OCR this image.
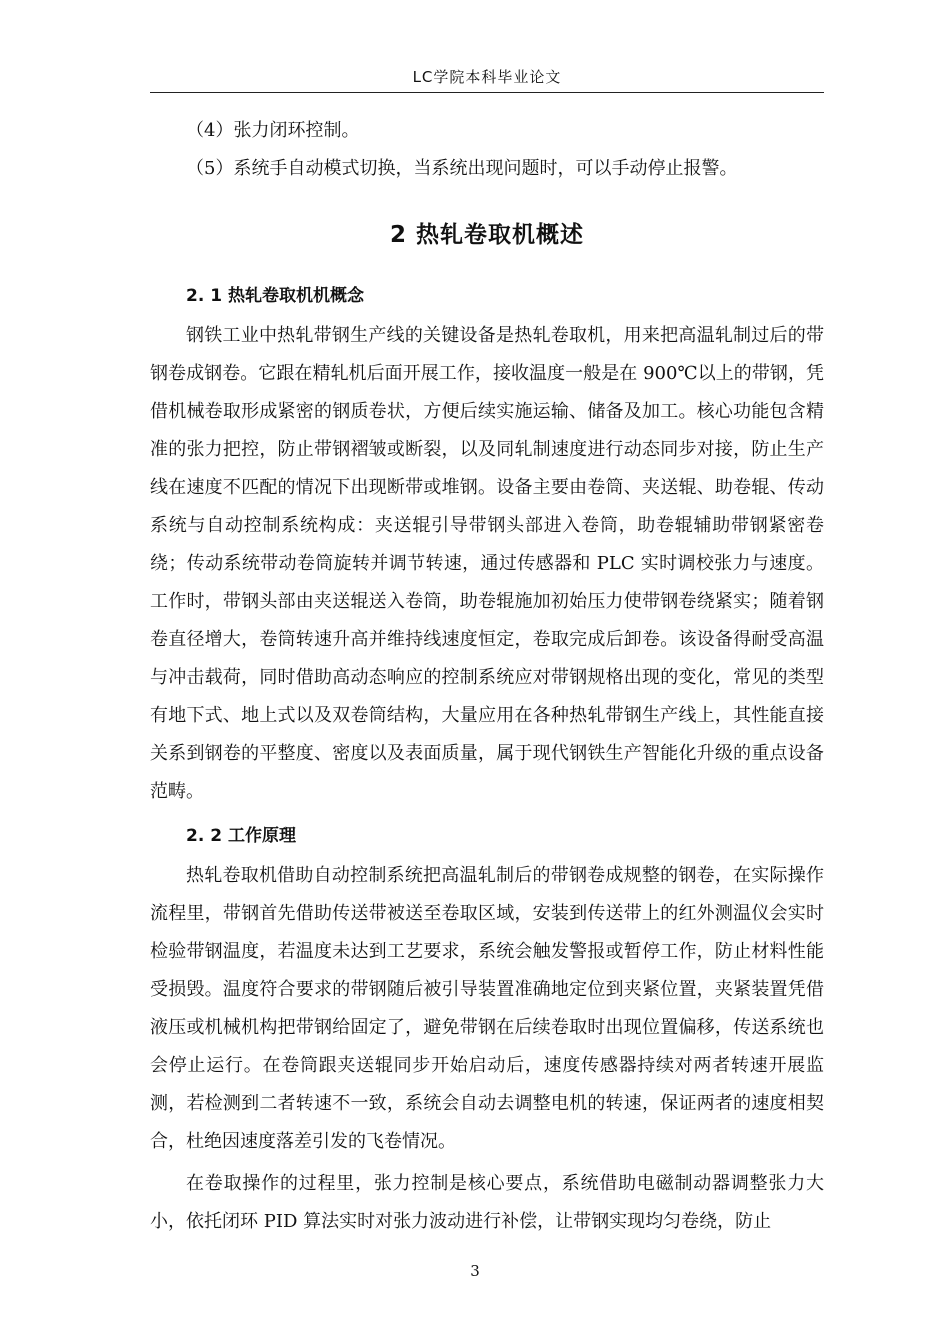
LC学院本科毕业论文

（4）张力闭环控制。

（5）系统手自动模式切换，当系统出现问题时，可以手动停止报警。

2 热轧卷取机概述
2. 1 热轧卷取机机概念

钢铁工业中热轧带钢生产线的关键设备是热轧卷取机，用来把高温轧制过后的带钢卷成钢卷。它跟在精轧机后面开展工作，接收温度一般是在 900℃以上的带钢，凭借机械卷取形成紧密的钢质卷状，方便后续实施运输、储备及加工。核心功能包含精准的张力把控，防止带钢褶皱或断裂，以及同轧制速度进行动态同步对接，防止生产线在速度不匹配的情况下出现断带或堆钢。设备主要由卷筒、夹送辊、助卷辊、传动系统与自动控制系统构成：夹送辊引导带钢头部进入卷筒，助卷辊辅助带钢紧密卷绕；传动系统带动卷筒旋转并调节转速，通过传感器和 PLC 实时调校张力与速度。工作时，带钢头部由夹送辊送入卷筒，助卷辊施加初始压力使带钢卷绕紧实；随着钢卷直径增大，卷筒转速升高并维持线速度恒定，卷取完成后卸卷。该设备得耐受高温与冲击载荷，同时借助高动态响应的控制系统应对带钢规格出现的变化，常见的类型有地下式、地上式以及双卷筒结构，大量应用在各种热轧带钢生产线上，其性能直接关系到钢卷的平整度、密度以及表面质量，属于现代钢铁生产智能化升级的重点设备范畴。

2. 2 工作原理

热轧卷取机借助自动控制系统把高温轧制后的带钢卷成规整的钢卷，在实际操作流程里，带钢首先借助传送带被送至卷取区域，安装到传送带上的红外测温仪会实时检验带钢温度，若温度未达到工艺要求，系统会触发警报或暂停工作，防止材料性能受损毁。温度符合要求的带钢随后被引导装置准确地定位到夹紧位置，夹紧装置凭借液压或机械机构把带钢给固定了，避免带钢在后续卷取时出现位置偏移，传送系统也会停止运行。在卷筒跟夹送辊同步开始启动后，速度传感器持续对两者转速开展监测，若检测到二者转速不一致，系统会自动去调整电机的转速，保证两者的速度相契合，杜绝因速度落差引发的飞卷情况。

在卷取操作的过程里，张力控制是核心要点，系统借助电磁制动器调整张力大小，依托闭环 PID 算法实时对张力波动进行补偿，让带钢实现均匀卷绕，防止

3
